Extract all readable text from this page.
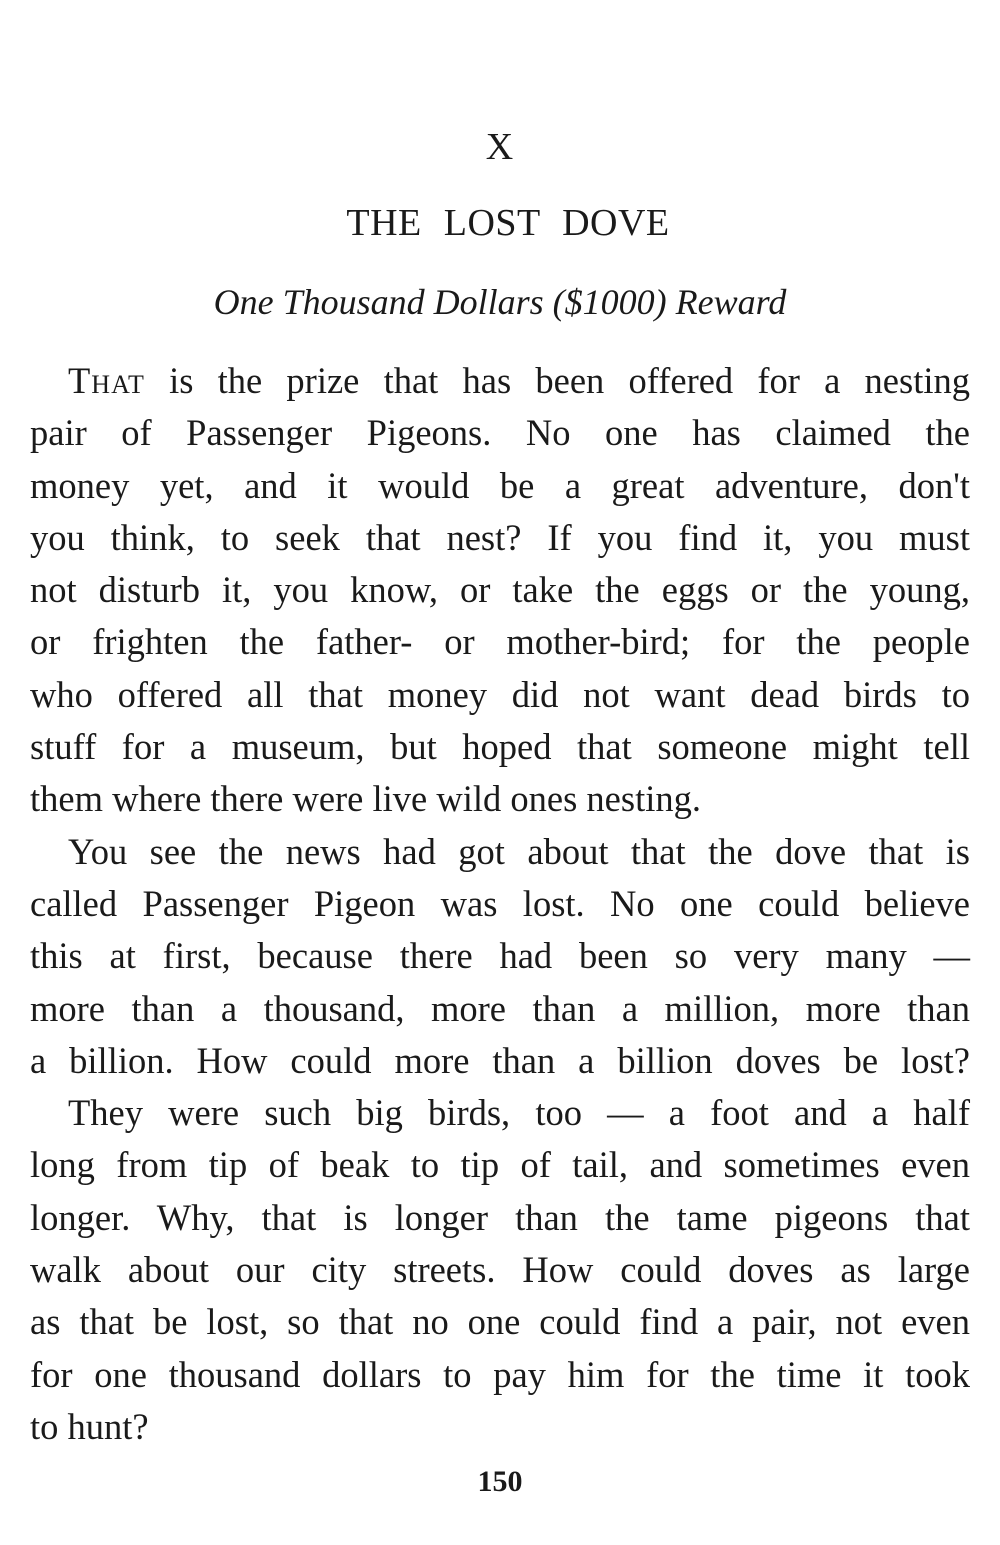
X
THE LOST DOVE
One Thousand Dollars ($1000) Reward
That is the prize that has been offered for a nesting
pair of Passenger Pigeons. No one has claimed the
money yet, and it would be a great adventure, don't
you think, to seek that nest? If you find it, you must
not disturb it, you know, or take the eggs or the young,
or frighten the father- or mother-bird; for the people
who offered all that money did not want dead birds to
stuff for a museum, but hoped that someone might tell
them where there were live wild ones nesting.
You see the news had got about that the dove that is
called Passenger Pigeon was lost. No one could believe
this at first, because there had been so very many —
more than a thousand, more than a million, more than
a billion. How could more than a billion doves be lost?
They were such big birds, too — a foot and a half
long from tip of beak to tip of tail, and sometimes even
longer. Why, that is longer than the tame pigeons that
walk about our city streets. How could doves as large
as that be lost, so that no one could find a pair, not even
for one thousand dollars to pay him for the time it took
to hunt?
150
